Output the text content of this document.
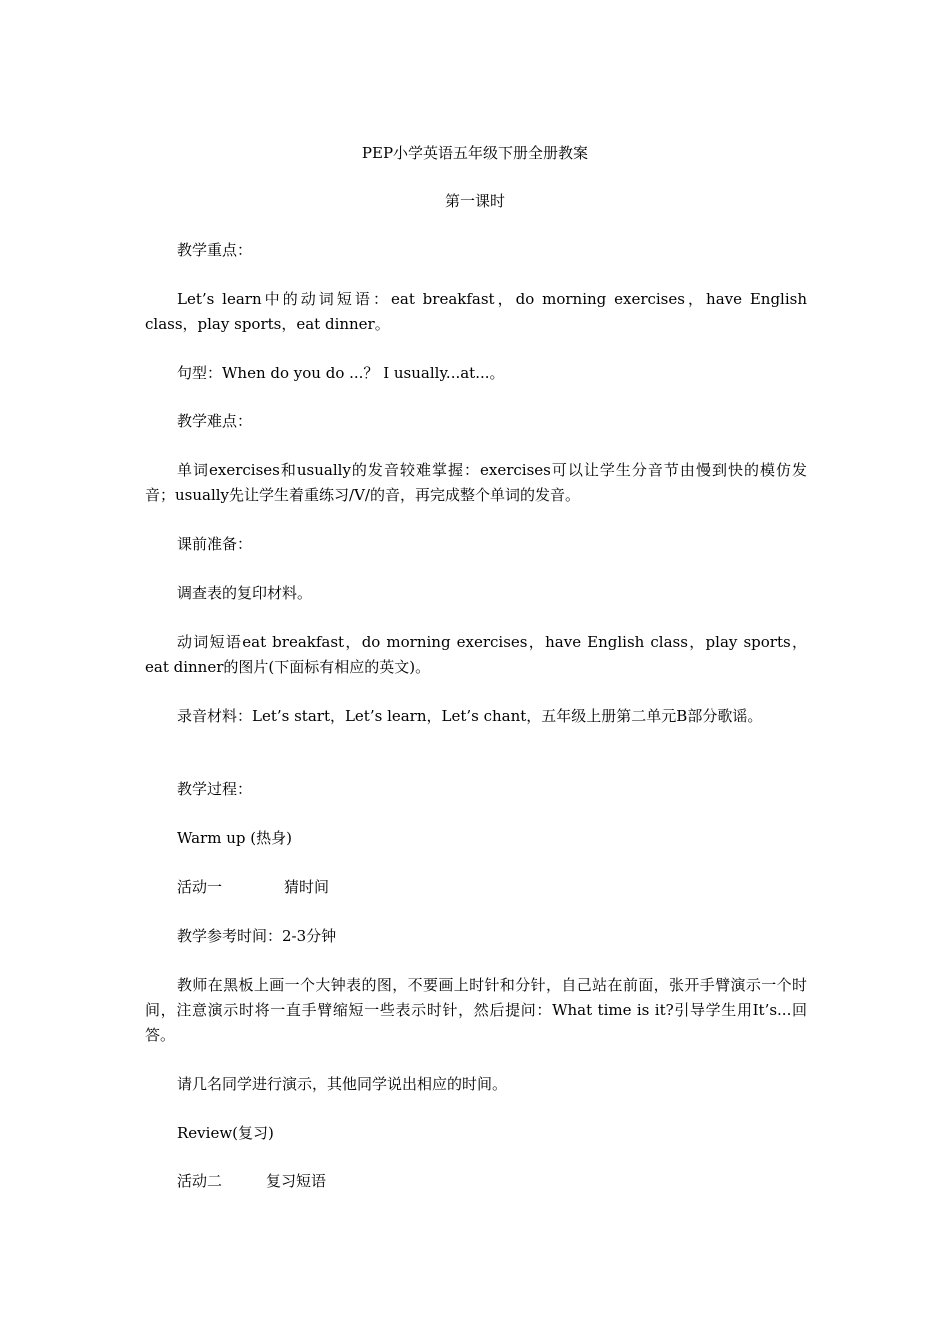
PEP小学英语五年级下册全册教案
第一课时
教学重点：
Let’s learn中的动词短语：eat breakfast，do morning exercises，have English class，play sports，eat dinner。
句型：When do you do ...？ I usually...at...。
教学难点：
单词exercises和usually的发音较难掌握：exercises可以让学生分音节由慢到快的模仿发音；usually先让学生着重练习/V/的音，再完成整个单词的发音。
课前准备：
调查表的复印材料。
动词短语eat breakfast，do morning exercises，have English class，play sports，eat dinner的图片(下面标有相应的英文)。
录音材料：Let’s start，Let’s learn，Let’s chant，五年级上册第二单元B部分歌谣。
教学过程：
Warm up (热身)
活动一	猜时间
教学参考时间：2-3分钟
教师在黑板上画一个大钟表的图，不要画上时针和分针，自己站在前面，张开手臂演示一个时间，注意演示时将一直手臂缩短一些表示时针，然后提问：What time is it?引导学生用It’s...回答。
请几名同学进行演示，其他同学说出相应的时间。
Review(复习)
活动二	复习短语
